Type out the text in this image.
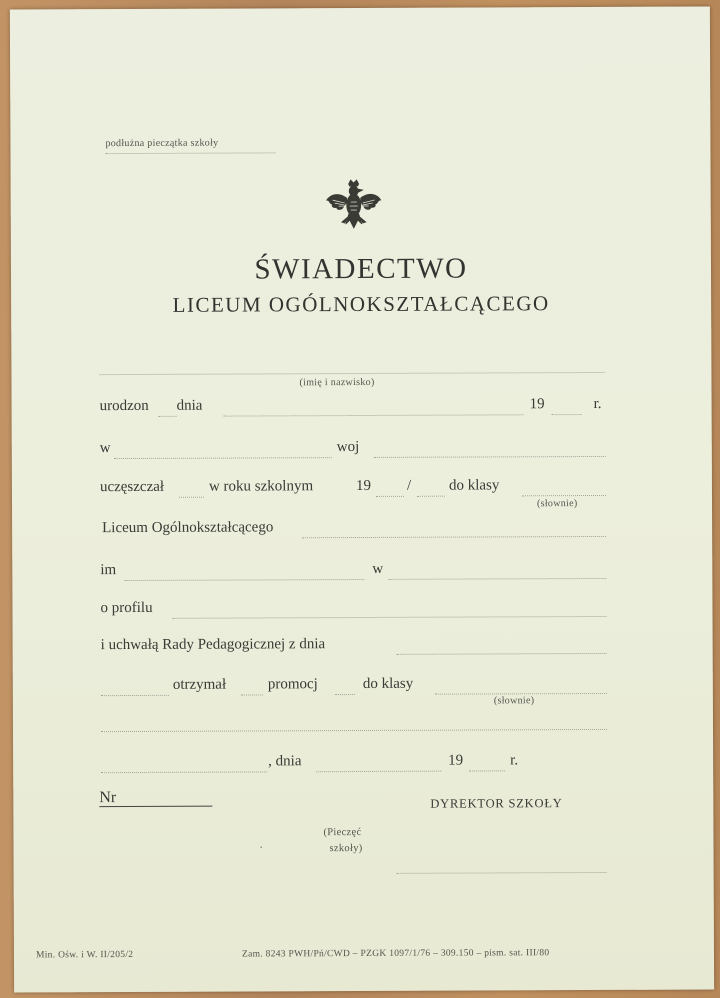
podłużna pieczątka szkoły
ŚWIADECTWO
LICEUM OGÓLNOKSZTAŁCĄCEGO
(imię i nazwisko)
urodzon dnia	19	r.
w	woj
uczęszczał	w roku szkolnym	19 /	do klasy
(słownie)
Liceum Ogólnokształcącego
im	w
o profilu
i uchwałą Rady Pedagogicznej z dnia
otrzymał	promocj	do klasy
(słownie)
, dnia	19	r.
Nr	DYREKTOR SZKOŁY
(Pieczęć
szkoły)
·
Min. Ośw. i W. II/205/2	Zam. 8243 PWH/Pń/CWD – PZGK 1097/1/76 – 309.150 – pism. sat. III/80
